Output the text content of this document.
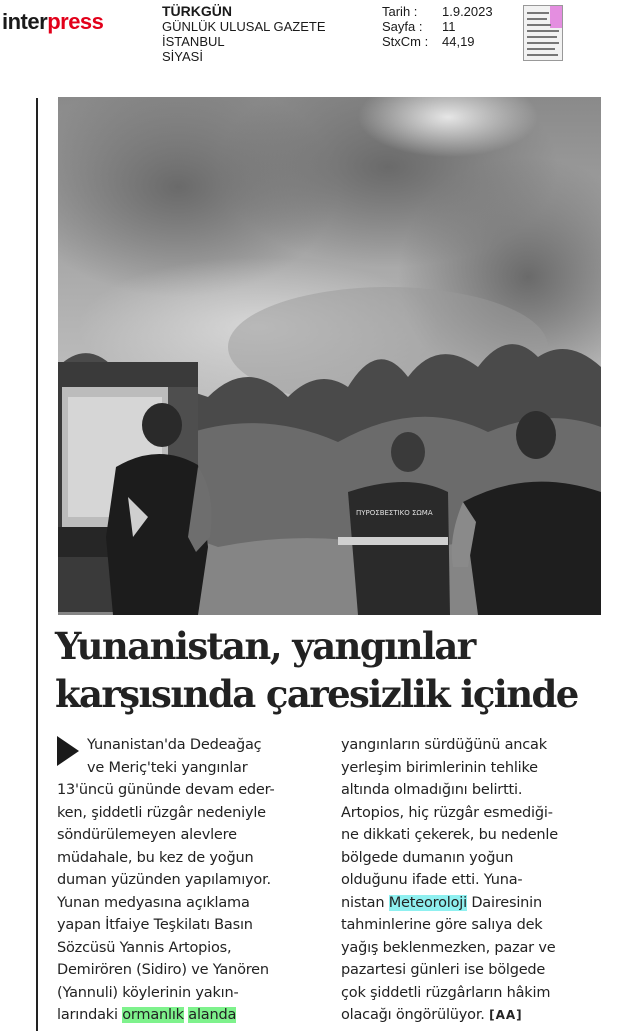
interpress	TÜRKGÜN
GÜNLÜK ULUSAL GAZETE
İSTANBUL
SİYASİ
Tarih :	1.9.2023
Sayfa :	11
StxCm :	44,19
ΠΥΡΟΣΒΕΣΤΙΚΟ ΣΩΜΑ
Yunanistan, yangınlar
karşısında çaresizlik içinde
Yunanistan'da Dedeağaç
ve Meriç'teki yangınlar
13'üncü gününde devam eder-
ken, şiddetli rüzgâr nedeniyle
söndürülemeyen alevlere
müdahale, bu kez de yoğun
duman yüzünden yapılamıyor.
Yunan medyasına açıklama
yapan İtfaiye Teşkilatı Basın
Sözcüsü Yannis Artopios,
Demirören (Sidiro) ve Yanören
(Yannuli) köylerinin yakın-
larındaki ormanlık alanda
yangınların sürdüğünü ancak
yerleşim birimlerinin tehlike
altında olmadığını belirtti.
Artopios, hiç rüzgâr esmediği-
ne dikkati çekerek, bu nedenle
bölgede dumanın yoğun
olduğunu ifade etti. Yuna-
nistan Meteoroloji Dairesinin
tahminlerine göre salıya dek
yağış beklenmezken, pazar ve
pazartesi günleri ise bölgede
çok şiddetli rüzgârların hâkim
olacağı öngörülüyor. [AA]
